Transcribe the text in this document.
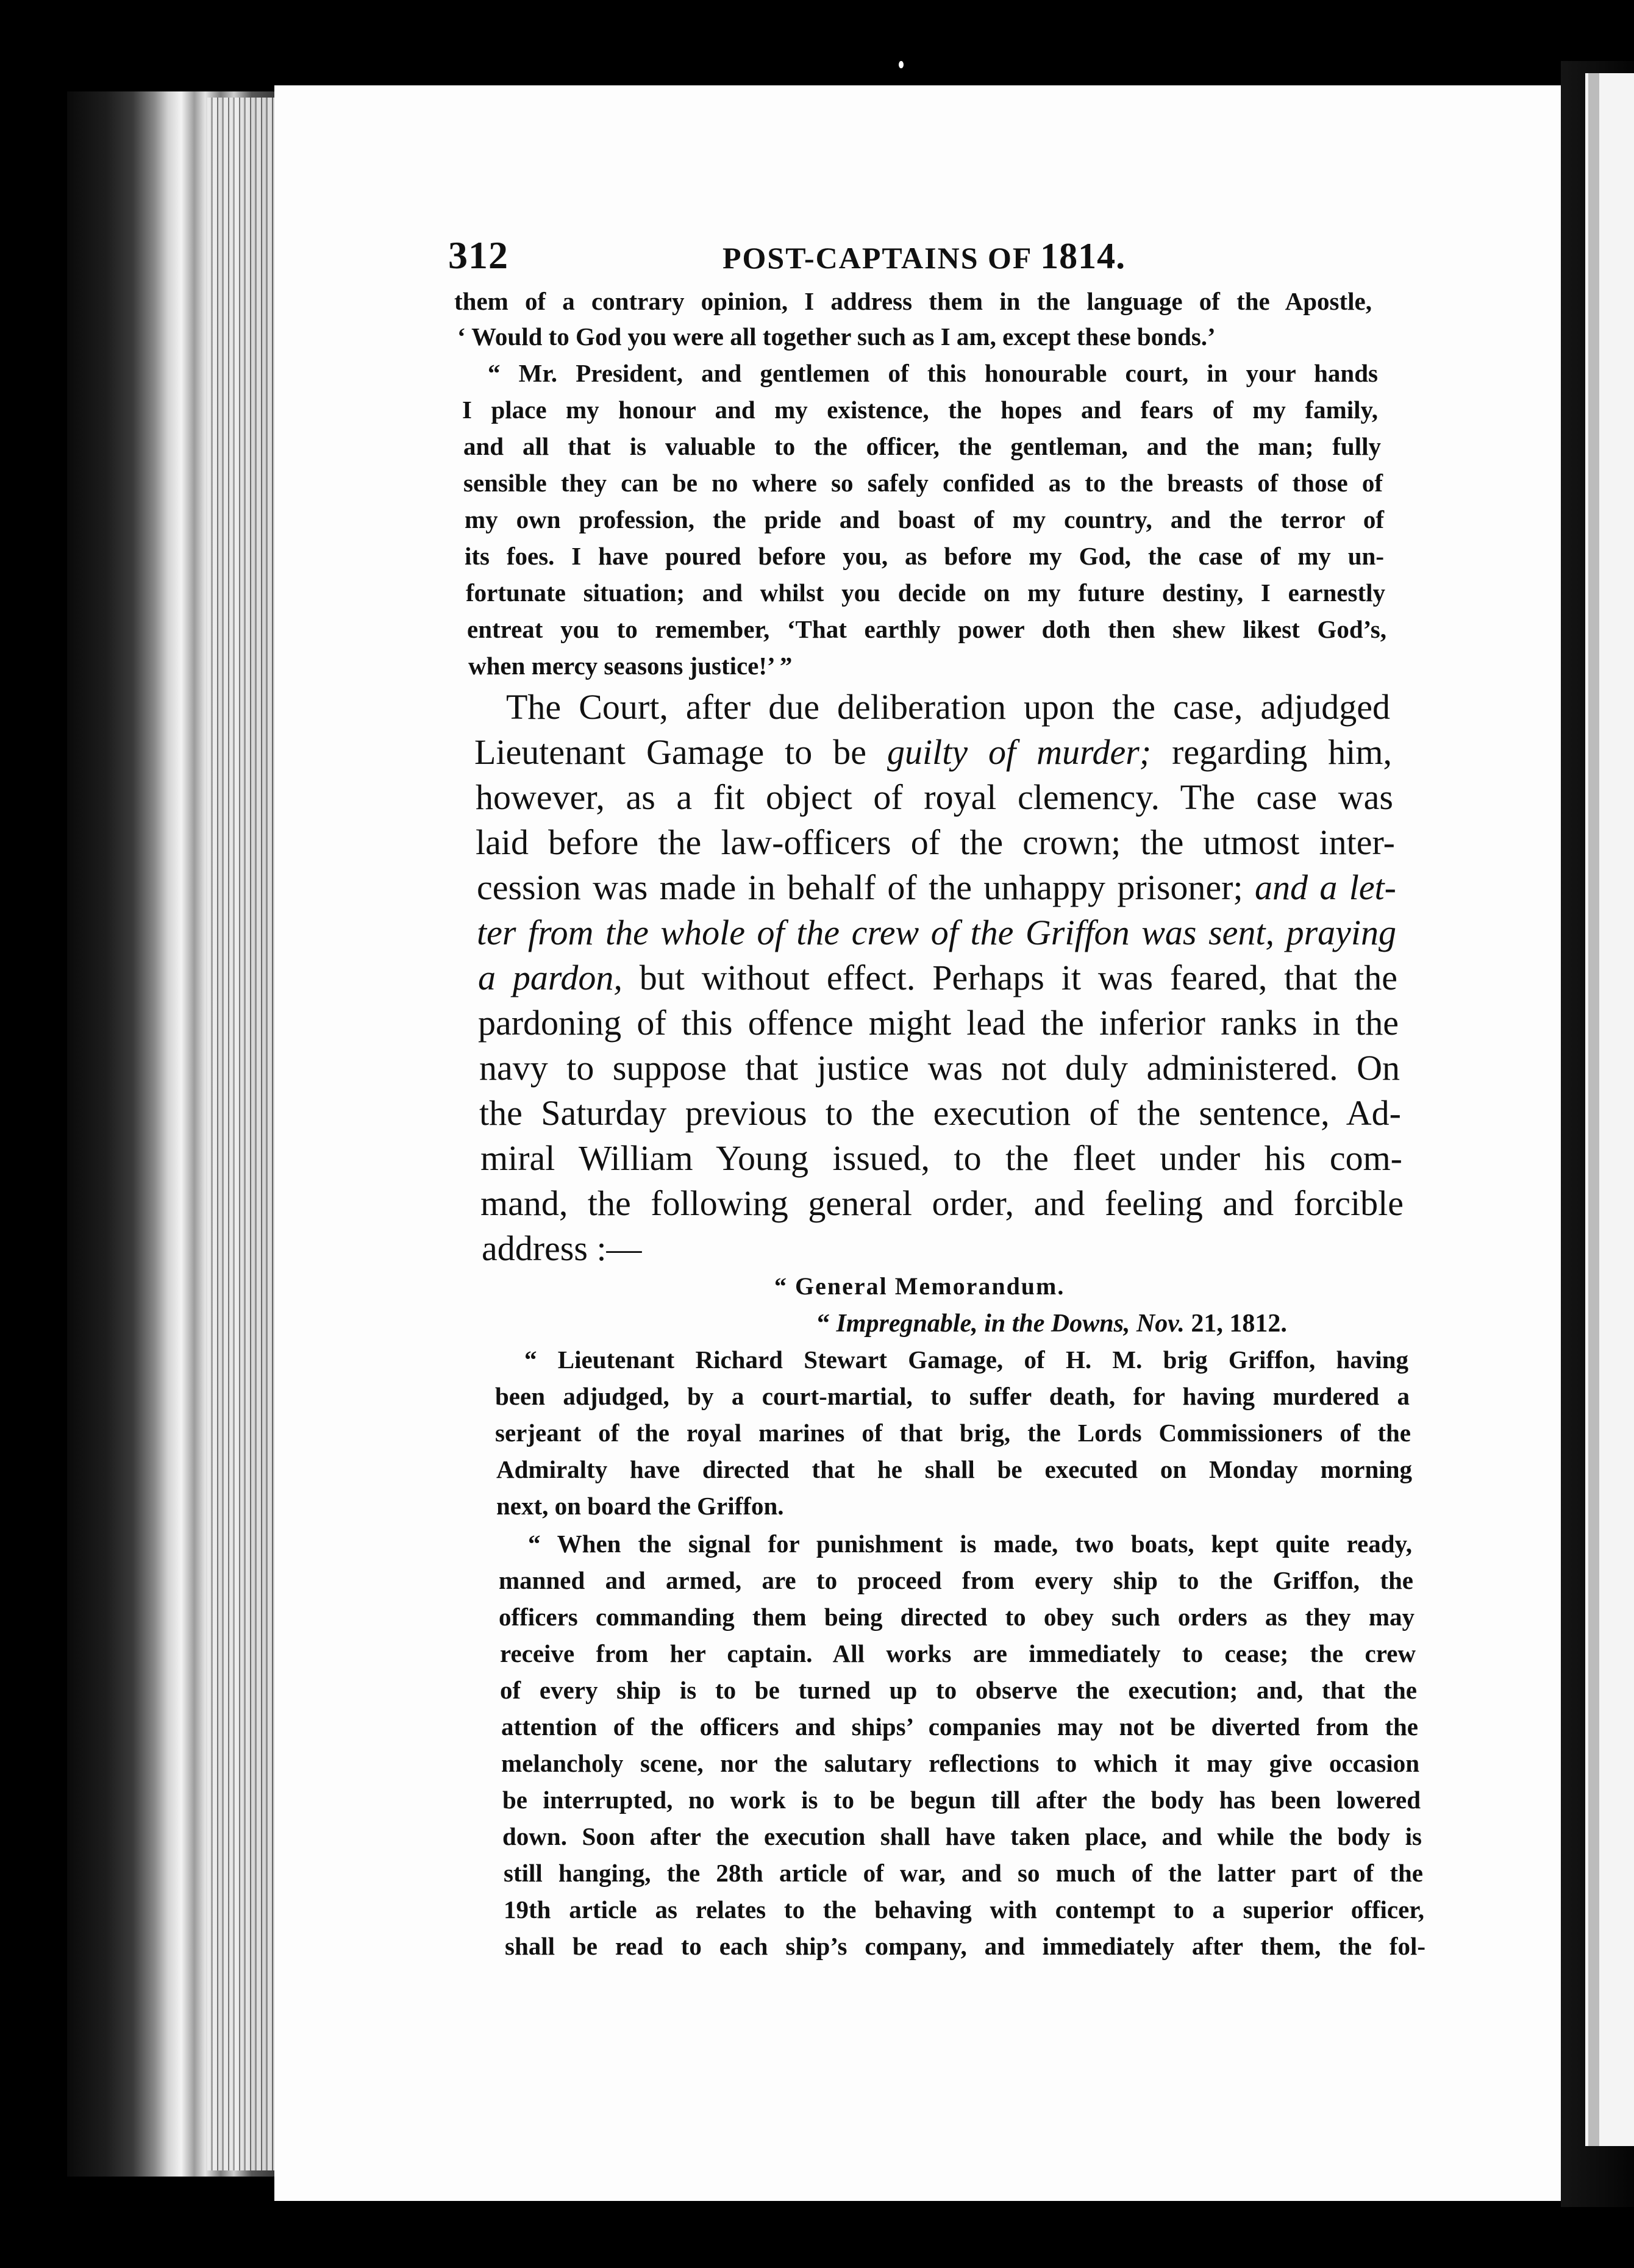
312	POST-CAPTAINS OF 1814.

them of a contrary opinion, I address them in the language of the Apostle,

‘ Would to God you were all together such as I am, except these bonds.’

“ Mr. President, and gentlemen of this honourable court, in your hands

I place my honour and my existence, the hopes and fears of my family,

and all that is valuable to the officer, the gentleman, and the man; fully

sensible they can be no where so safely confided as to the breasts of those of

my own profession, the pride and boast of my country, and the terror of

its foes. I have poured before you, as before my God, the case of my un-

fortunate situation; and whilst you decide on my future destiny, I earnestly

entreat you to remember, ‘That earthly power doth then shew likest God’s,

when mercy seasons justice!’ ”

The Court, after due deliberation upon the case, adjudged

Lieutenant Gamage to be guilty of murder; regarding him,

however, as a fit object of royal clemency. The case was

laid before the law-officers of the crown; the utmost inter-

cession was made in behalf of the unhappy prisoner; and a let-

ter from the whole of the crew of the Griffon was sent, praying

a pardon, but without effect. Perhaps it was feared, that the

pardoning of this offence might lead the inferior ranks in the

navy to suppose that justice was not duly administered. On

the Saturday previous to the execution of the sentence, Ad-

miral William Young issued, to the fleet under his com-

mand, the following general order, and feeling and forcible

address :—

“ General Memorandum.

“ Impregnable, in the Downs, Nov. 21, 1812.

“ Lieutenant Richard Stewart Gamage, of H. M. brig Griffon, having

been adjudged, by a court-martial, to suffer death, for having murdered a

serjeant of the royal marines of that brig, the Lords Commissioners of the

Admiralty have directed that he shall be executed on Monday morning

next, on board the Griffon.

“ When the signal for punishment is made, two boats, kept quite ready,

manned and armed, are to proceed from every ship to the Griffon, the

officers commanding them being directed to obey such orders as they may

receive from her captain. All works are immediately to cease; the crew

of every ship is to be turned up to observe the execution; and, that the

attention of the officers and ships’ companies may not be diverted from the

melancholy scene, nor the salutary reflections to which it may give occasion

be interrupted, no work is to be begun till after the body has been lowered

down. Soon after the execution shall have taken place, and while the body is

still hanging, the 28th article of war, and so much of the latter part of the

19th article as relates to the behaving with contempt to a superior officer,

shall be read to each ship’s company, and immediately after them, the fol-
